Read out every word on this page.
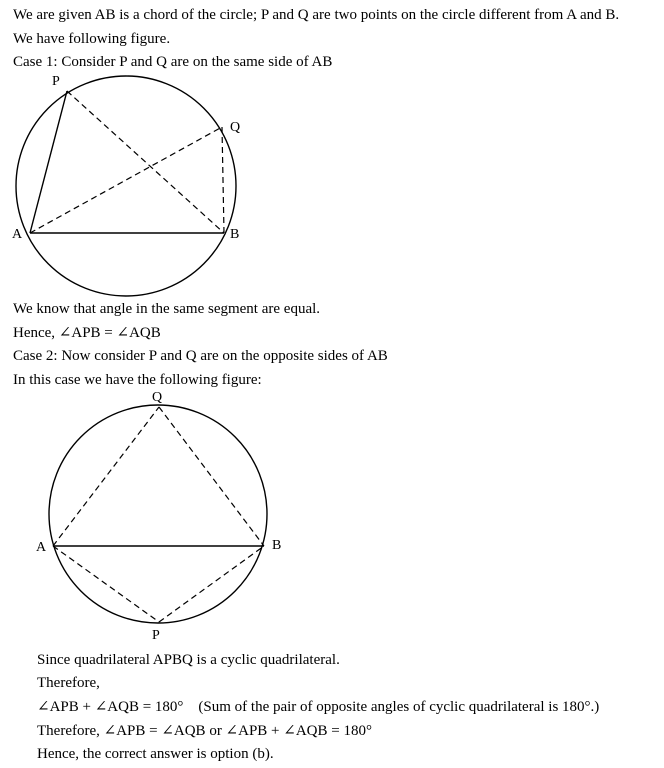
We are given AB is a chord of the circle; P and Q are two points on the circle different from A and B.
We have following figure.
Case 1: Consider P and Q are on the same side of AB
P
Q
A	B
We know that angle in the same segment are equal.
Hence, ∠APB = ∠AQB
Case 2: Now consider P and Q are on the opposite sides of AB
In this case we have the following figure:
Q
A	B
P
Since quadrilateral APBQ is a cyclic quadrilateral.
Therefore,
∠APB + ∠AQB = 180°    (Sum of the pair of opposite angles of cyclic quadrilateral is 180°.)
Therefore, ∠APB = ∠AQB or ∠APB + ∠AQB = 180°
Hence, the correct answer is option (b).
